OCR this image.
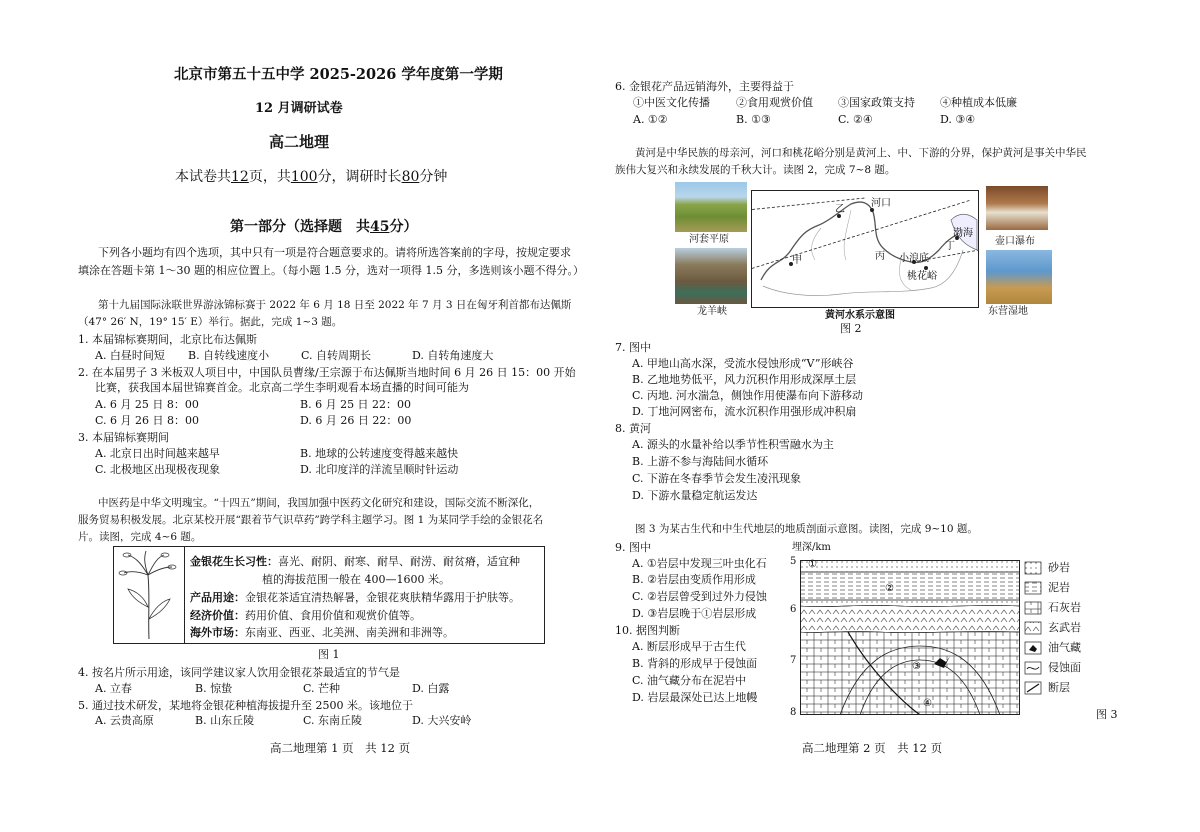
北京市第五十五中学 2025-2026 学年度第一学期
12 月调研试卷
高二地理
本试卷共12页，共100分，调研时长80分钟
第一部分（选择题　共45分）
下列各小题均有四个选项，其中只有一项是符合题意要求的。请将所选答案前的字母，按规定要求
填涂在答题卡第 1～30 题的相应位置上。（每小题 1.5 分，选对一项得 1.5 分，多选则该小题不得分。）
第十九届国际泳联世界游泳锦标赛于 2022 年 6 月 18 日至 2022 年 7 月 3 日在匈牙利首都布达佩斯
（47° 26′ N，19° 15′ E）举行。据此，完成 1~3 题。
1. 本届锦标赛期间，北京比布达佩斯
A. 白昼时间短 B. 自转线速度小	C. 自转周期长	D. 自转角速度大
2. 在本届男子 3 米板双人项目中，中国队员曹缘/王宗源于布达佩斯当地时间 6 月 26 日 15：00 开始
比赛，获我国本届世锦赛首金。北京高二学生李明观看本场直播的时间可能为
A. 6 月 25 日 8：00	B. 6 月 25 日 22：00
C. 6 月 26 日 8：00	D. 6 月 26 日 22：00
3. 本届锦标赛期间
A. 北京日出时间越来越早	B. 地球的公转速度变得越来越快
C. 北极地区出现极夜现象	D. 北印度洋的洋流呈顺时针运动
中医药是中华文明瑰宝。“十四五”期间，我国加强中医药文化研究和建设，国际交流不断深化，
服务贸易积极发展。北京某校开展“跟着节气识草药”跨学科主题学习。图 1 为某同学手绘的金银花名
片。读图，完成 4~6 题。
金银花生长习性：喜光、耐阴、耐寒、耐旱、耐涝、耐贫瘠，适宜种
植的海拔范围一般在 400—1600 米。
产品用途：金银花茶适宜清热解暑，金银花爽肤精华露用于护肤等。
经济价值：药用价值、食用价值和观赏价值等。
海外市场：东南亚、西亚、北美洲、南美洲和非洲等。
图 1
4. 按名片所示用途，该同学建议家人饮用金银花茶最适宜的节气是
A. 立春	B. 惊蛰	C. 芒种	D. 白露
5. 通过技术研发，某地将金银花种植海拔提升至 2500 米。该地位于
A. 云贵高原	B. 山东丘陵	C. 东南丘陵	D. 大兴安岭
高二地理第 1 页　共 12 页
6. 金银花产品远销海外，主要得益于
①中医文化传播 ②食用观赏价值 ③国家政策支持 ④种植成本低廉
A. ①②	B. ①③	C. ②④	D. ③④
黄河是中华民族的母亲河，河口和桃花峪分别是黄河上、中、下游的分界，保护黄河是事关中华民
族伟大复兴和永续发展的千秋大计。读图 2，完成 7~8 题。
河套平原
龙羊峡
壶口瀑布
东营湿地
河口
渤海
小浪底
桃花峪
乙
甲	丙
丁
黄河水系示意图
图 2
7. 图中
A. 甲地山高水深，受流水侵蚀形成“V”形峡谷
B. 乙地地势低平，风力沉积作用形成深厚土层
C. 丙地. 河水湍急，侧蚀作用使瀑布向下游移动
D. 丁地河网密布，流水沉积作用强形成冲积扇
8. 黄河
A. 源头的水量补给以季节性积雪融水为主
B. 上游不参与海陆间水循环
C. 下游在冬春季节会发生凌汛现象
D. 下游水量稳定航运发达
图 3 为某古生代和中生代地层的地质剖面示意图。读图，完成 9~10 题。
9. 图中
A. ①岩层中发现三叶虫化石
B. ②岩层由变质作用形成
C. ②岩层曾受到过外力侵蚀
D. ③岩层晚于①岩层形成
10. 据图判断
A. 断层形成早于古生代
B. 背斜的形成早于侵蚀面
C. 油气藏分布在泥岩中
D. 岩层最深处已达上地幔
埋深/km
5
6
7
8
①
②
③
④
砂岩
泥岩
石灰岩
玄武岩
油气藏
侵蚀面
断层
图 3
高二地理第 2 页　共 12 页
